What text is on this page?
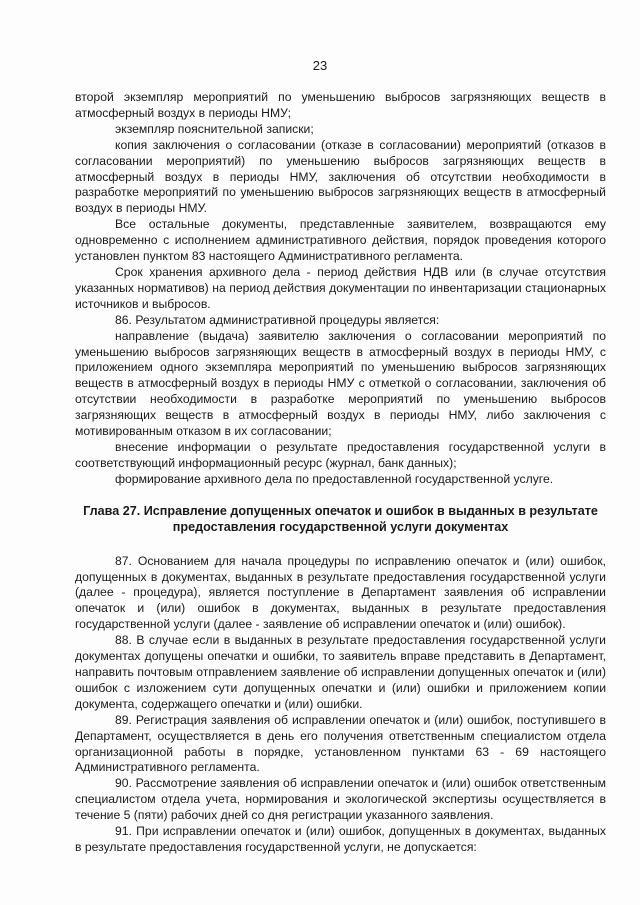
23

второй экземпляр мероприятий по уменьшению выбросов загрязняющих веществ в атмосферный воздух в периоды НМУ;

экземпляр пояснительной записки;

копия заключения о согласовании (отказе в согласовании) мероприятий (отказов в согласовании мероприятий) по уменьшению выбросов загрязняющих веществ в атмосферный воздух в периоды НМУ, заключения об отсутствии необходимости в разработке мероприятий по уменьшению выбросов загрязняющих веществ в атмосферный воздух в периоды НМУ.

Все остальные документы, представленные заявителем, возвращаются ему одновременно с исполнением административного действия, порядок проведения которого установлен пунктом 83 настоящего Административного регламента.

Срок хранения архивного дела - период действия НДВ или (в случае отсутствия указанных нормативов) на период действия документации по инвентаризации стационарных источников и выбросов.

86. Результатом административной процедуры является:

направление (выдача) заявителю заключения о согласовании мероприятий по уменьшению выбросов загрязняющих веществ в атмосферный воздух в периоды НМУ, с приложением одного экземпляра мероприятий по уменьшению выбросов загрязняющих веществ в атмосферный воздух в периоды НМУ с отметкой о согласовании, заключения об отсутствии необходимости в разработке мероприятий по уменьшению выбросов загрязняющих веществ в атмосферный воздух в периоды НМУ, либо заключения с мотивированным отказом в их согласовании;

внесение информации о результате предоставления государственной услуги в соответствующий информационный ресурс (журнал, банк данных);

формирование архивного дела по предоставленной государственной услуге.

Глава 27. Исправление допущенных опечаток и ошибок в выданных в результате
предоставления государственной услуги документах

87. Основанием для начала процедуры по исправлению опечаток и (или) ошибок, допущенных в документах, выданных в результате предоставления государственной услуги (далее - процедура), является поступление в Департамент заявления об исправлении опечаток и (или) ошибок в документах, выданных в результате предоставления государственной услуги (далее - заявление об исправлении опечаток и (или) ошибок).

88. В случае если в выданных в результате предоставления государственной услуги документах допущены опечатки и ошибки, то заявитель вправе представить в Департамент, направить почтовым отправлением заявление об исправлении допущенных опечаток и (или) ошибок с изложением сути допущенных опечатки и (или) ошибки и приложением копии документа, содержащего опечатки и (или) ошибки.

89. Регистрация заявления об исправлении опечаток и (или) ошибок, поступившего в Департамент, осуществляется в день его получения ответственным специалистом отдела организационной работы в порядке, установленном пунктами 63 - 69 настоящего Административного регламента.

90. Рассмотрение заявления об исправлении опечаток и (или) ошибок ответственным специалистом отдела учета, нормирования и экологической экспертизы осуществляется в течение 5 (пяти) рабочих дней со дня регистрации указанного заявления.

91. При исправлении опечаток и (или) ошибок, допущенных в документах, выданных в результате предоставления государственной услуги, не допускается:
